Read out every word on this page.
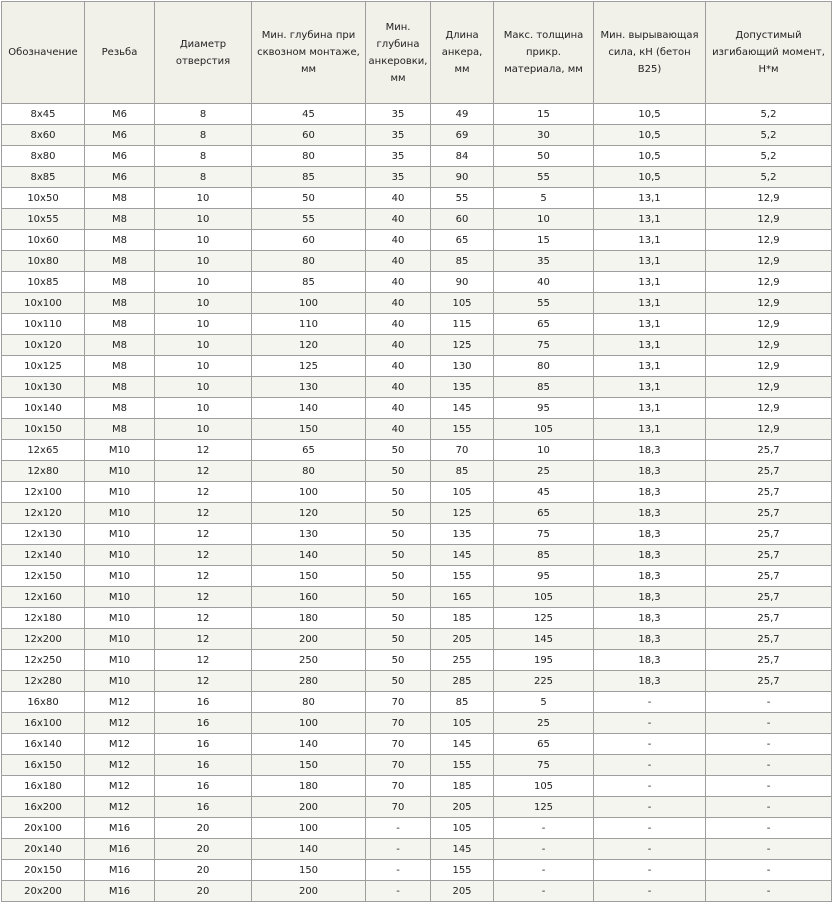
Обозначение	Резьба	Диаметр отверстия	Мин. глубина при сквозном монтаже, мм	Мин. глубина анкеровки, мм	Длина анкера, мм	Макс. толщина прикр. материала, мм	Мин. вырывающая сила, кН (бетон B25)	Допустимый изгибающий момент, Н*м
8x45	M6	8	45	35	49	15	10,5	5,2
8x60	M6	8	60	35	69	30	10,5	5,2
8x80	M6	8	80	35	84	50	10,5	5,2
8x85	M6	8	85	35	90	55	10,5	5,2
10x50	M8	10	50	40	55	5	13,1	12,9
10x55	M8	10	55	40	60	10	13,1	12,9
10x60	M8	10	60	40	65	15	13,1	12,9
10x80	M8	10	80	40	85	35	13,1	12,9
10x85	M8	10	85	40	90	40	13,1	12,9
10x100	M8	10	100	40	105	55	13,1	12,9
10x110	M8	10	110	40	115	65	13,1	12,9
10x120	M8	10	120	40	125	75	13,1	12,9
10x125	M8	10	125	40	130	80	13,1	12,9
10x130	M8	10	130	40	135	85	13,1	12,9
10x140	M8	10	140	40	145	95	13,1	12,9
10x150	M8	10	150	40	155	105	13,1	12,9
12x65	M10	12	65	50	70	10	18,3	25,7
12x80	M10	12	80	50	85	25	18,3	25,7
12x100	M10	12	100	50	105	45	18,3	25,7
12x120	M10	12	120	50	125	65	18,3	25,7
12x130	M10	12	130	50	135	75	18,3	25,7
12x140	M10	12	140	50	145	85	18,3	25,7
12x150	M10	12	150	50	155	95	18,3	25,7
12x160	M10	12	160	50	165	105	18,3	25,7
12x180	M10	12	180	50	185	125	18,3	25,7
12x200	M10	12	200	50	205	145	18,3	25,7
12x250	M10	12	250	50	255	195	18,3	25,7
12x280	M10	12	280	50	285	225	18,3	25,7
16x80	M12	16	80	70	85	5	-	-
16x100	M12	16	100	70	105	25	-	-
16x140	M12	16	140	70	145	65	-	-
16x150	M12	16	150	70	155	75	-	-
16x180	M12	16	180	70	185	105	-	-
16x200	M12	16	200	70	205	125	-	-
20x100	M16	20	100	-	105	-	-	-
20x140	M16	20	140	-	145	-	-	-
20x150	M16	20	150	-	155	-	-	-
20x200	M16	20	200	-	205	-	-	-
